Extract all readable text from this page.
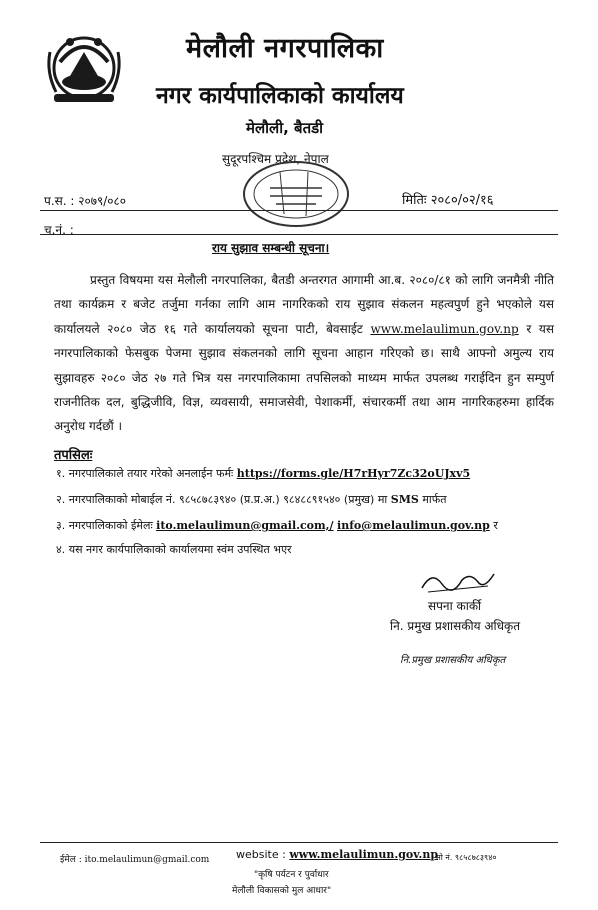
मेलौली नगरपालिका
नगर कार्यपालिकाको कार्यालय
मेलौली, बैतडी
सुदूरपश्चिम प्रदेश, नेपाल
प.स. : २०७९/०८०	मितिः २०८०/०२/१६
च.नं. :
राय सुझाव सम्बन्धी सूचना।
प्रस्तुत विषयमा यस मेलौली नगरपालिका, बैतडी अन्तरगत आगामी आ.ब. २०८०/८१ को लागि जनमैत्री नीति तथा कार्यक्रम र बजेट तर्जुमा गर्नका लागि आम नागरिकको राय सुझाव संकलन महत्वपुर्ण हुने भएकोले यस कार्यालयले २०८० जेठ १६ गते कार्यालयको सूचना पाटी, बेवसाईट www.melaulimun.gov.np र यस नगरपालिकाको फेसबुक पेजमा सुझाव संकलनको लागि सूचना आहान गरिएको छ। साथै आफ्नो अमुल्य राय सुझावहरु २०८० जेठ २७ गते भित्र यस नगरपालिकामा तपसिलको माध्यम मार्फत उपलब्ध गराईदिन हुन सम्पुर्ण राजनीतिक दल, बुद्धिजीवि, विज्ञ, व्यवसायी, समाजसेवी, पेशाकर्मी, संचारकर्मी तथा आम नागरिकहरुमा हार्दिक अनुरोध गर्दछौं ।
तपसिलः
१. नगरपालिकाले तयार गरेको अनलाईन फर्मः https://forms.gle/H7rHyr7Zc32oUJxv5
२. नगरपालिकाको मोबाईल नं. ९८५८७८३९४० (प्र.प्र.अ.) ९८४८८९१५४० (प्रमुख) मा SMS मार्फत
३. नगरपालिकाको ईमेलः ito.melaulimun@gmail.com,/ info@melaulimun.gov.np र
४. यस नगर कार्यपालिकाको कार्यालयमा स्वंम उपस्थित भएर
सपना कार्की
नि. प्रमुख प्रशासकीय अधिकृत
नि.प्रमुख प्रशासकीय अधिकृत
ईमेल : ito.melaulimun@gmail.com website : www.melaulimun.gov.np
मो नं. ९८५८७८३९४०
"कृषि पर्यटन र पुर्वाधार
मेलौली विकासको मुल आधार"
